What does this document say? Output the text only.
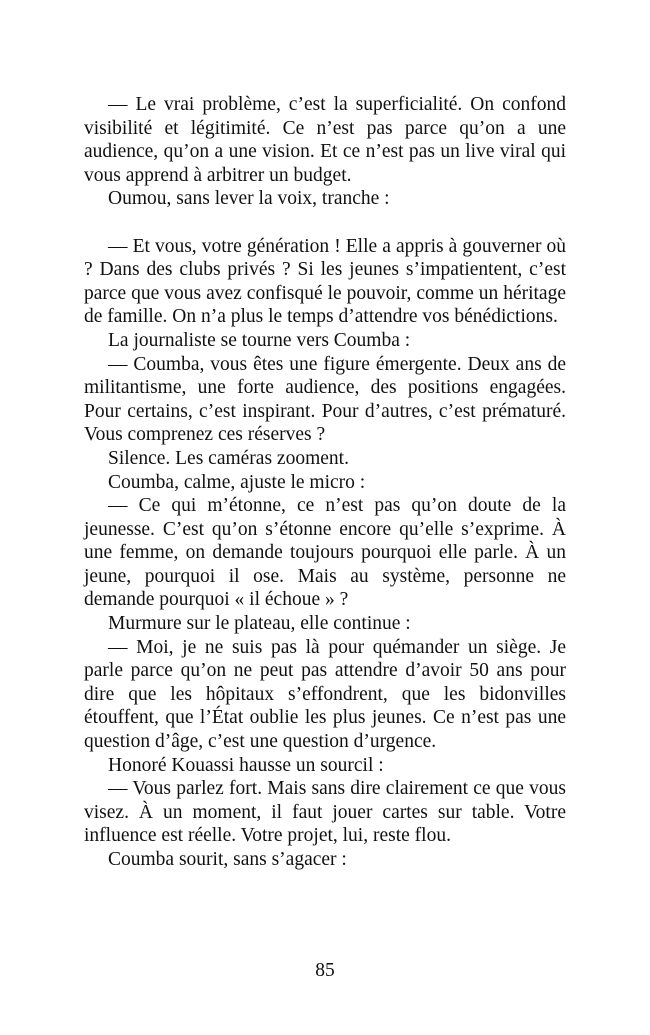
— Le vrai problème, c’est la superficialité. On confond visibilité et légitimité. Ce n’est pas parce qu’on a une audience, qu’on a une vision. Et ce n’est pas un live viral qui vous apprend à arbitrer un budget.

Oumou, sans lever la voix, tranche :

— Et vous, votre génération ! Elle a appris à gouverner où ? Dans des clubs privés ? Si les jeunes s’impatientent, c’est parce que vous avez confisqué le pouvoir, comme un héritage de famille. On n’a plus le temps d’attendre vos bénédictions.

La journaliste se tourne vers Coumba :

— Coumba, vous êtes une figure émergente. Deux ans de militantisme, une forte audience, des positions engagées. Pour certains, c’est inspirant. Pour d’autres, c’est prématuré. Vous comprenez ces réserves ?

Silence. Les caméras zooment.

Coumba, calme, ajuste le micro :

— Ce qui m’étonne, ce n’est pas qu’on doute de la jeunesse. C’est qu’on s’étonne encore qu’elle s’exprime. À une femme, on demande toujours pourquoi elle parle. À un jeune, pourquoi il ose. Mais au système, personne ne demande pourquoi « il échoue » ?

Murmure sur le plateau, elle continue :

— Moi, je ne suis pas là pour quémander un siège. Je parle parce qu’on ne peut pas attendre d’avoir 50 ans pour dire que les hôpitaux s’effondrent, que les bidonvilles étouffent, que l’État oublie les plus jeunes. Ce n’est pas une question d’âge, c’est une question d’urgence.

Honoré Kouassi hausse un sourcil :

— Vous parlez fort. Mais sans dire clairement ce que vous visez. À un moment, il faut jouer cartes sur table. Votre influence est réelle. Votre projet, lui, reste flou.

Coumba sourit, sans s’agacer :

85
